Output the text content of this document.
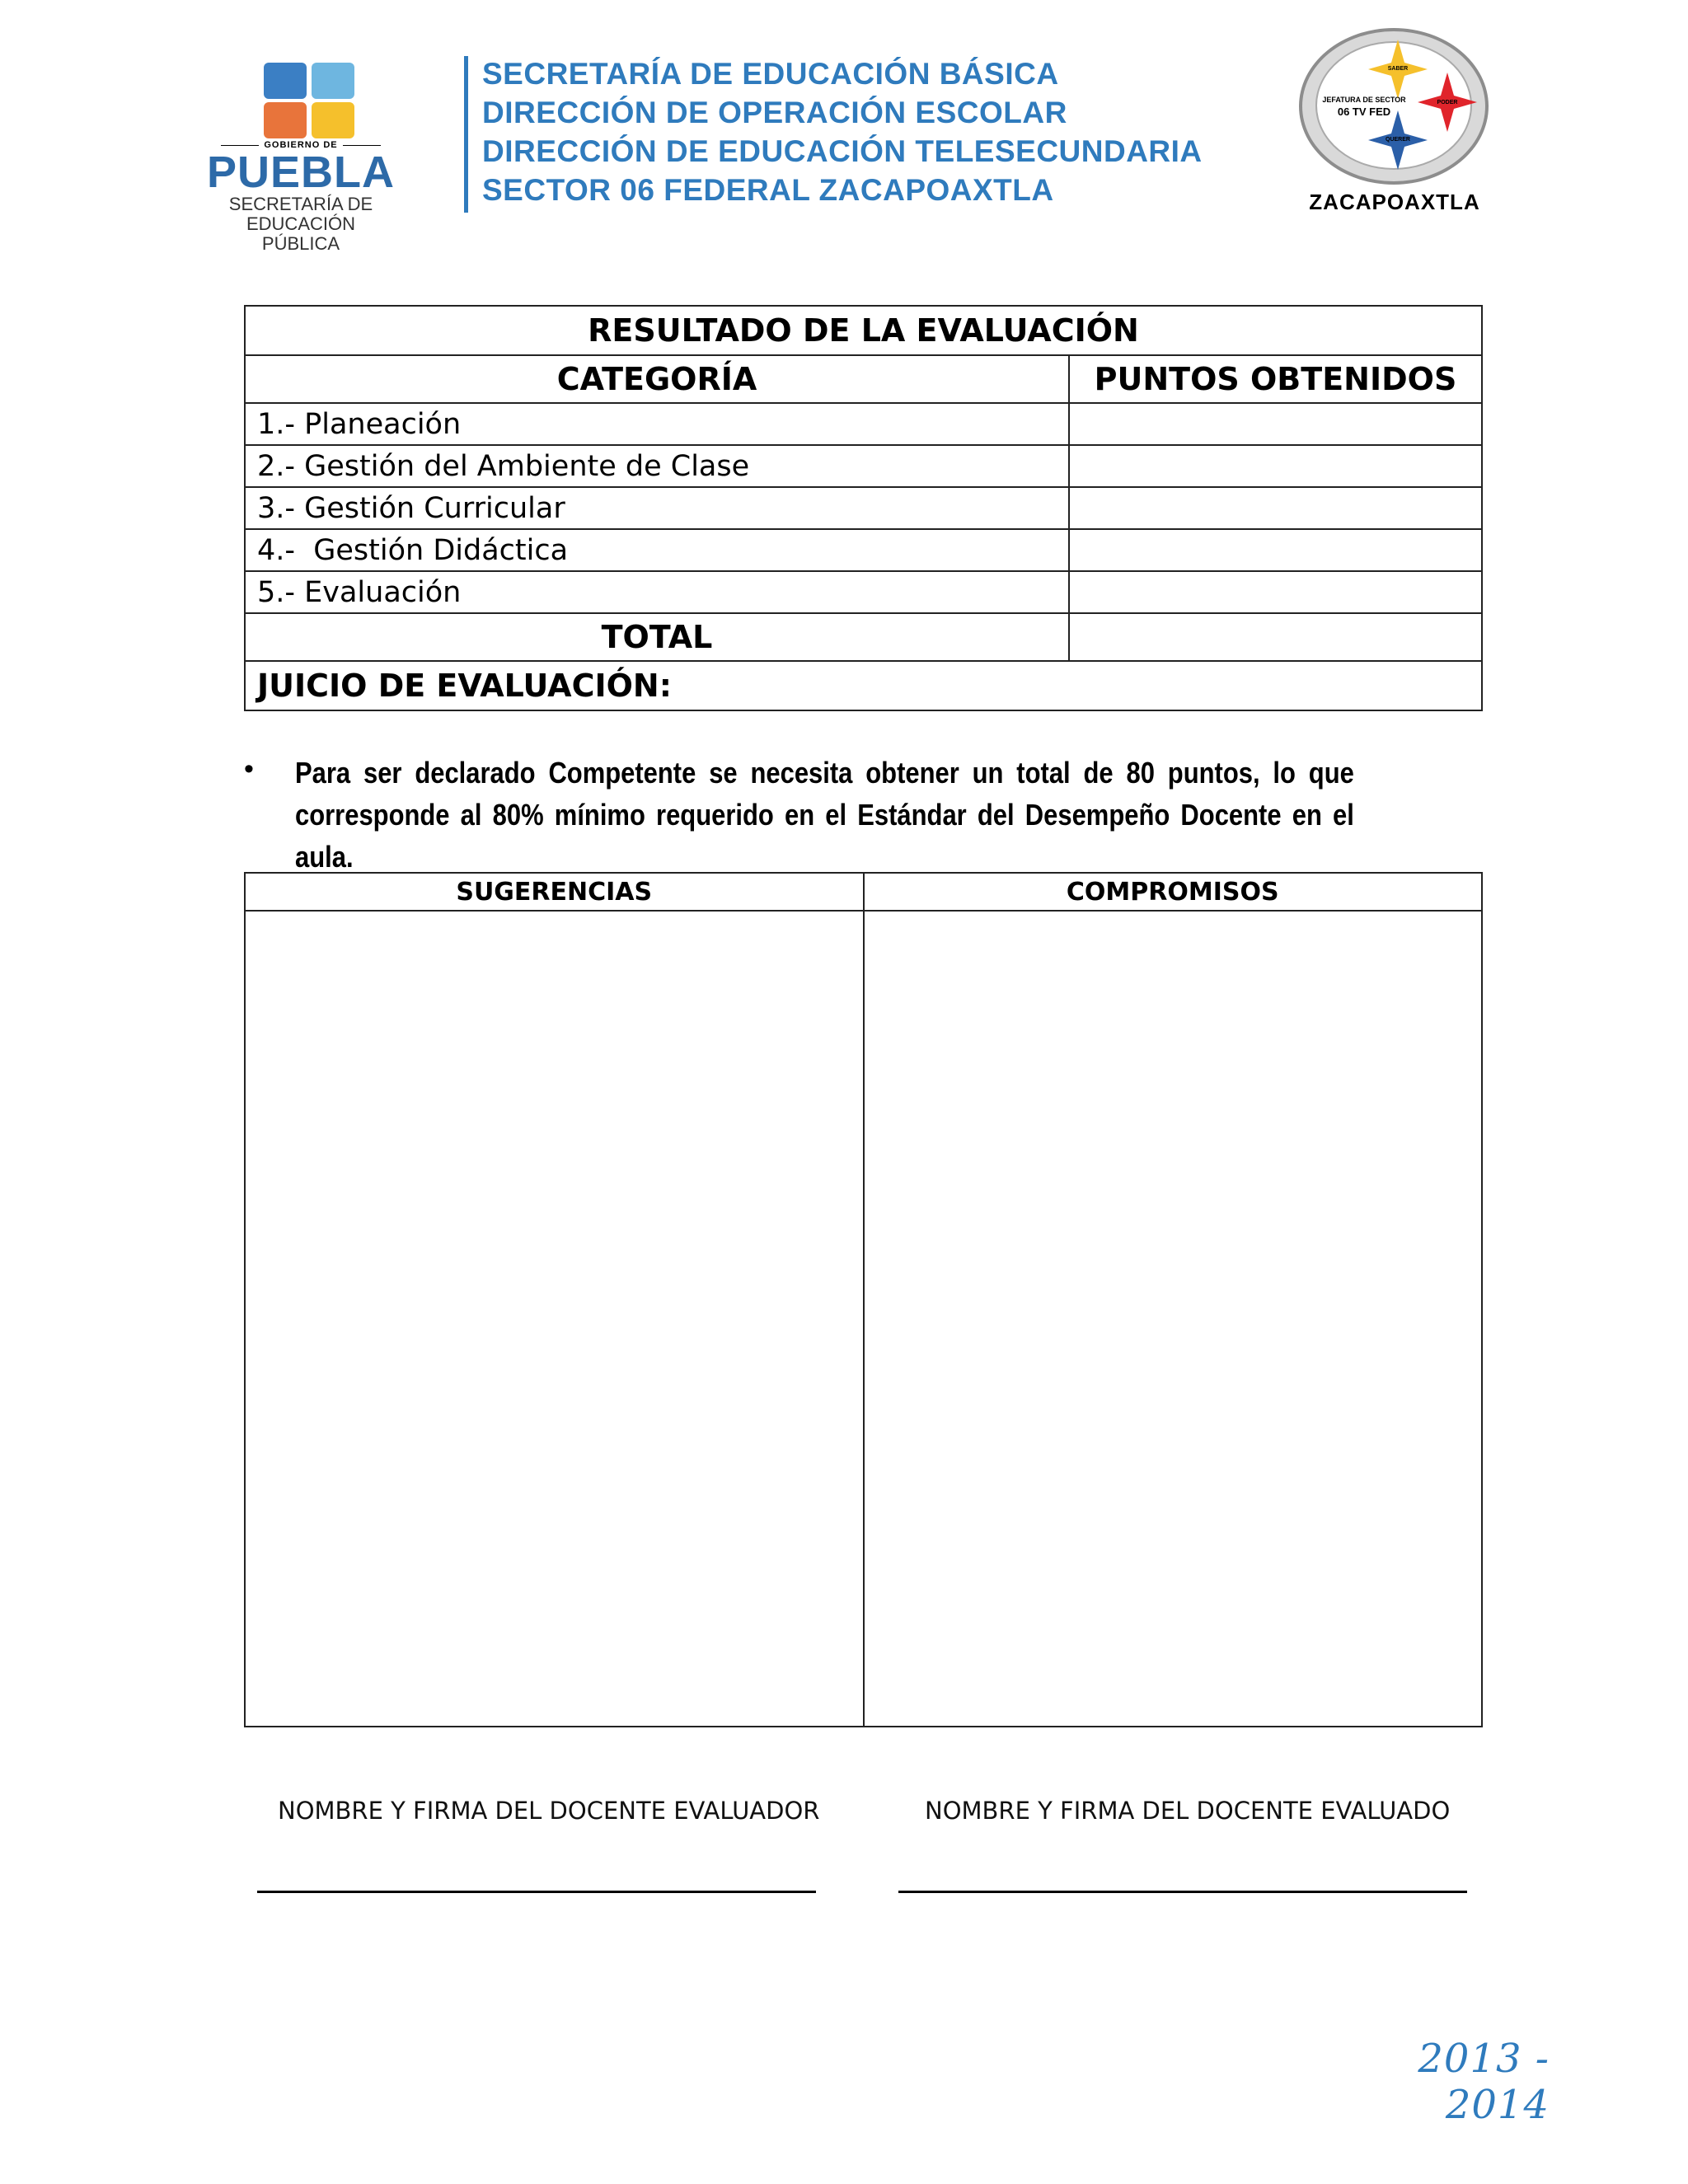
GOBIERNO DE
PUEBLA
SECRETARÍA DE
EDUCACIÓN PÚBLICA
SECRETARÍA DE EDUCACIÓN BÁSICA
DIRECCIÓN DE OPERACIÓN ESCOLAR
DIRECCIÓN DE EDUCACIÓN TELESECUNDARIA
SECTOR 06 FEDERAL ZACAPOAXTLA
SABER
PODER
QUERER
JEFATURA DE SECTOR
06 TV FED
ZACAPOAXTLA
RESULTADO DE LA EVALUACIÓN	
CATEGORÍA	PUNTOS OBTENIDOS
1.- Planeación	
2.- Gestión del Ambiente de Clase	
3.- Gestión Curricular	
4.-  Gestión Didáctica	
5.- Evaluación	
TOTAL	
JUICIO DE EVALUACIÓN:	
• Para ser declarado Competente se necesita obtener un total de 80 puntos, lo que corresponde al 80% mínimo requerido en el Estándar del Desempeño Docente en el aula.
SUGERENCIAS	COMPROMISOS

NOMBRE Y FIRMA DEL DOCENTE EVALUADOR	NOMBRE Y FIRMA DEL DOCENTE EVALUADO
2013 - 2014
